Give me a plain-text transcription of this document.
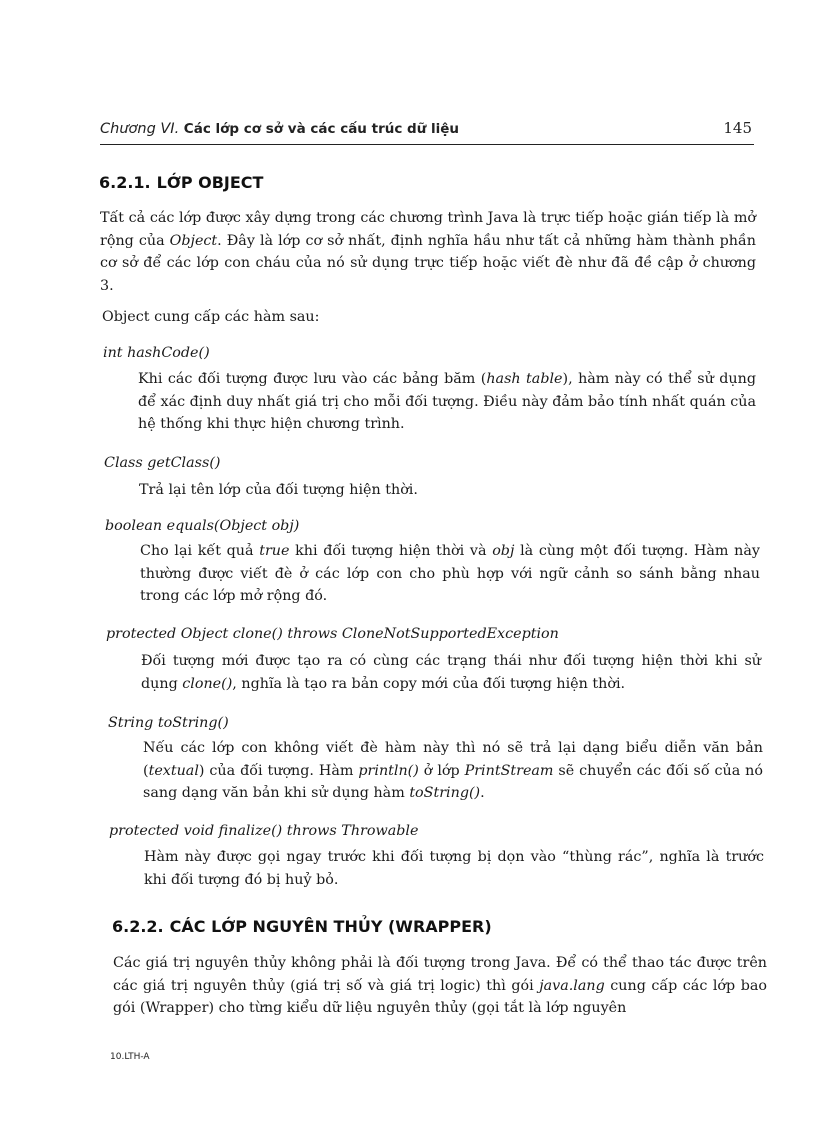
Chương VI. Các lớp cơ sở và các cấu trúc dữ liệu	145
6.2.1. LỚP OBJECT

Tất cả các lớp được xây dựng trong các chương trình Java là trực tiếp hoặc gián tiếp là mở rộng của Object. Đây là lớp cơ sở nhất, định nghĩa hầu như tất cả những hàm thành phần cơ sở để các lớp con cháu của nó sử dụng trực tiếp hoặc viết đè như đã đề cập ở chương 3.

Object cung cấp các hàm sau:

int hashCode()

Khi các đối tượng được lưu vào các bảng băm (hash table), hàm này có thể sử dụng để xác định duy nhất giá trị cho mỗi đối tượng. Điều này đảm bảo tính nhất quán của hệ thống khi thực hiện chương trình.

Class getClass()

Trả lại tên lớp của đối tượng hiện thời.

boolean equals(Object obj)

Cho lại kết quả true khi đối tượng hiện thời và obj là cùng một đối tượng. Hàm này thường được viết đè ở các lớp con cho phù hợp với ngữ cảnh so sánh bằng nhau trong các lớp mở rộng đó.

protected Object clone() throws CloneNotSupportedException

Đối tượng mới được tạo ra có cùng các trạng thái như đối tượng hiện thời khi sử dụng clone(), nghĩa là tạo ra bản copy mới của đối tượng hiện thời.

String toString()

Nếu các lớp con không viết đè hàm này thì nó sẽ trả lại dạng biểu diễn văn bản (textual) của đối tượng. Hàm println() ở lớp PrintStream sẽ chuyển các đối số của nó sang dạng văn bản khi sử dụng hàm toString().

protected void finalize() throws Throwable

Hàm này được gọi ngay trước khi đối tượng bị dọn vào “thùng rác”, nghĩa là trước khi đối tượng đó bị huỷ bỏ.

6.2.2. CÁC LỚP NGUYÊN THỦY (WRAPPER)

Các giá trị nguyên thủy không phải là đối tượng trong Java. Để có thể thao tác được trên các giá trị nguyên thủy (giá trị số và giá trị logic) thì gói java.lang cung cấp các lớp bao gói (Wrapper) cho từng kiểu dữ liệu nguyên thủy (gọi tắt là lớp nguyên

10.LTH-A
